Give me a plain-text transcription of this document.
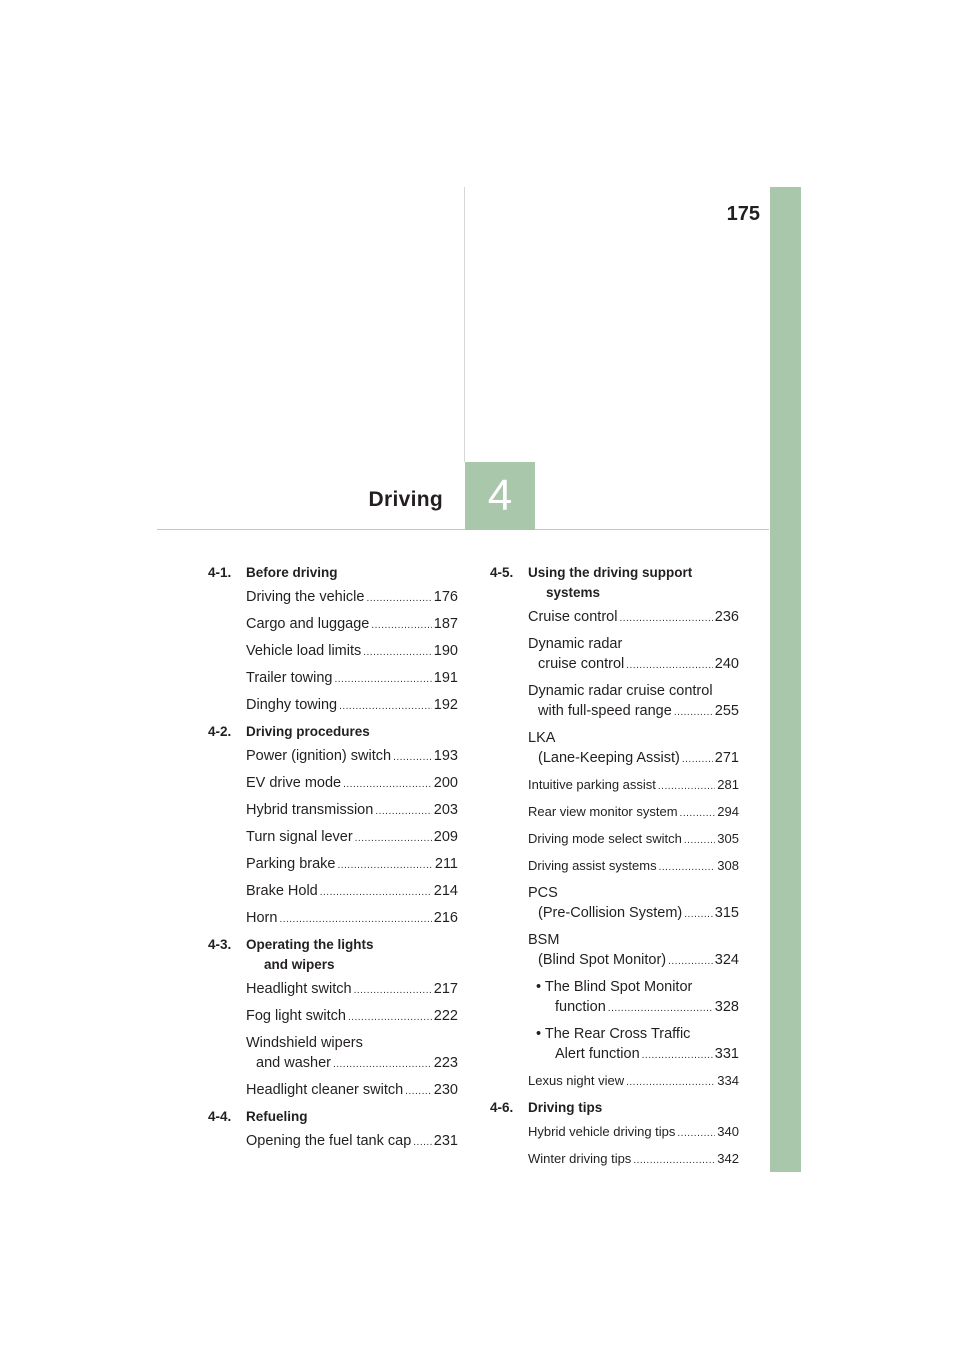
175
Driving 4
4-1. Before driving
Driving the vehicle .....	176
Cargo and luggage .....	187
Vehicle load limits .....	190
Trailer towing .....	191
Dinghy towing .....	192
4-2. Driving procedures
Power (ignition) switch .....	193
EV drive mode .....	200
Hybrid transmission .....	203
Turn signal lever .....	209
Parking brake .....	211
Brake Hold .....	214
Horn .....	216
4-3. Operating the lights
and wipers
Headlight switch .....	217
Fog light switch .....	222
Windshield wipers
and washer .....	223
Headlight cleaner switch ..... 230
4-4. Refueling
Opening the fuel tank cap ..... 231
4-5. Using the driving support
systems
Cruise control .....	236
Dynamic radar
cruise control .....	240
Dynamic radar cruise control
with full-speed range .....	255
LKA
(Lane-Keeping Assist) ..... 271
Intuitive parking assist .....	281
Rear view monitor system .....	294
Driving mode select switch .....	305
Driving assist systems .....	308
PCS
(Pre-Collision System) ..... 315
BSM
(Blind Spot Monitor) .....	324
• The Blind Spot Monitor
function .....	328
• The Rear Cross Traffic
Alert function .....	331
Lexus night view .....	334
4-6. Driving tips
Hybrid vehicle driving tips .....	340
Winter driving tips .....	342
